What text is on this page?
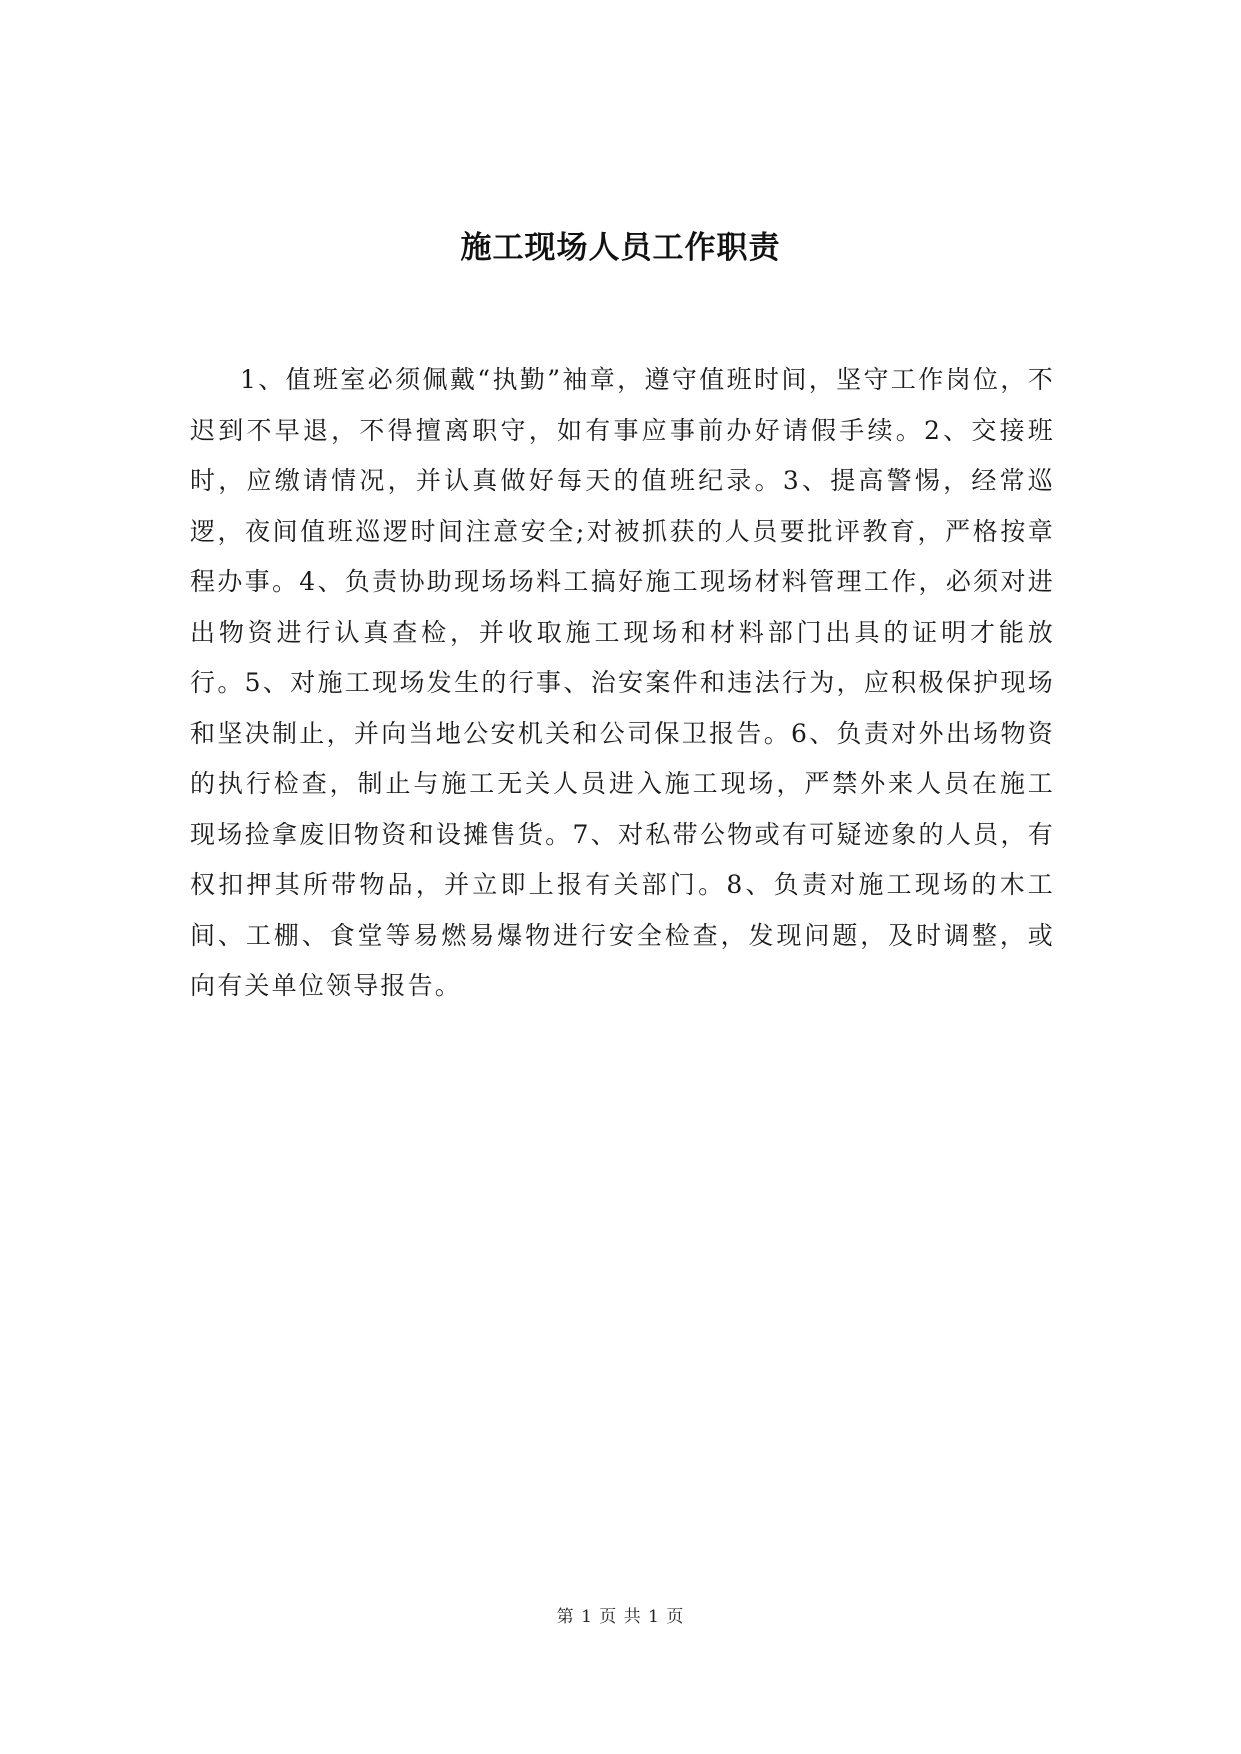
施工现场人员工作职责

1、值班室必须佩戴“执勤”袖章，遵守值班时间，坚守工作岗位，不迟到不早退，不得擅离职守，如有事应事前办好请假手续。2、交接班时，应缴请情况，并认真做好每天的值班纪录。3、提高警惕，经常巡逻，夜间值班巡逻时间注意安全;对被抓获的人员要批评教育，严格按章程办事。4、负责协助现场场料工搞好施工现场材料管理工作，必须对进出物资进行认真查检，并收取施工现场和材料部门出具的证明才能放行。5、对施工现场发生的行事、治安案件和违法行为，应积极保护现场和坚决制止，并向当地公安机关和公司保卫报告。6、负责对外出场物资的执行检查，制止与施工无关人员进入施工现场，严禁外来人员在施工现场捡拿废旧物资和设摊售货。7、对私带公物或有可疑迹象的人员，有权扣押其所带物品，并立即上报有关部门。8、负责对施工现场的木工间、工棚、食堂等易燃易爆物进行安全检查，发现问题，及时调整，或向有关单位领导报告。

第 1 页 共 1 页
